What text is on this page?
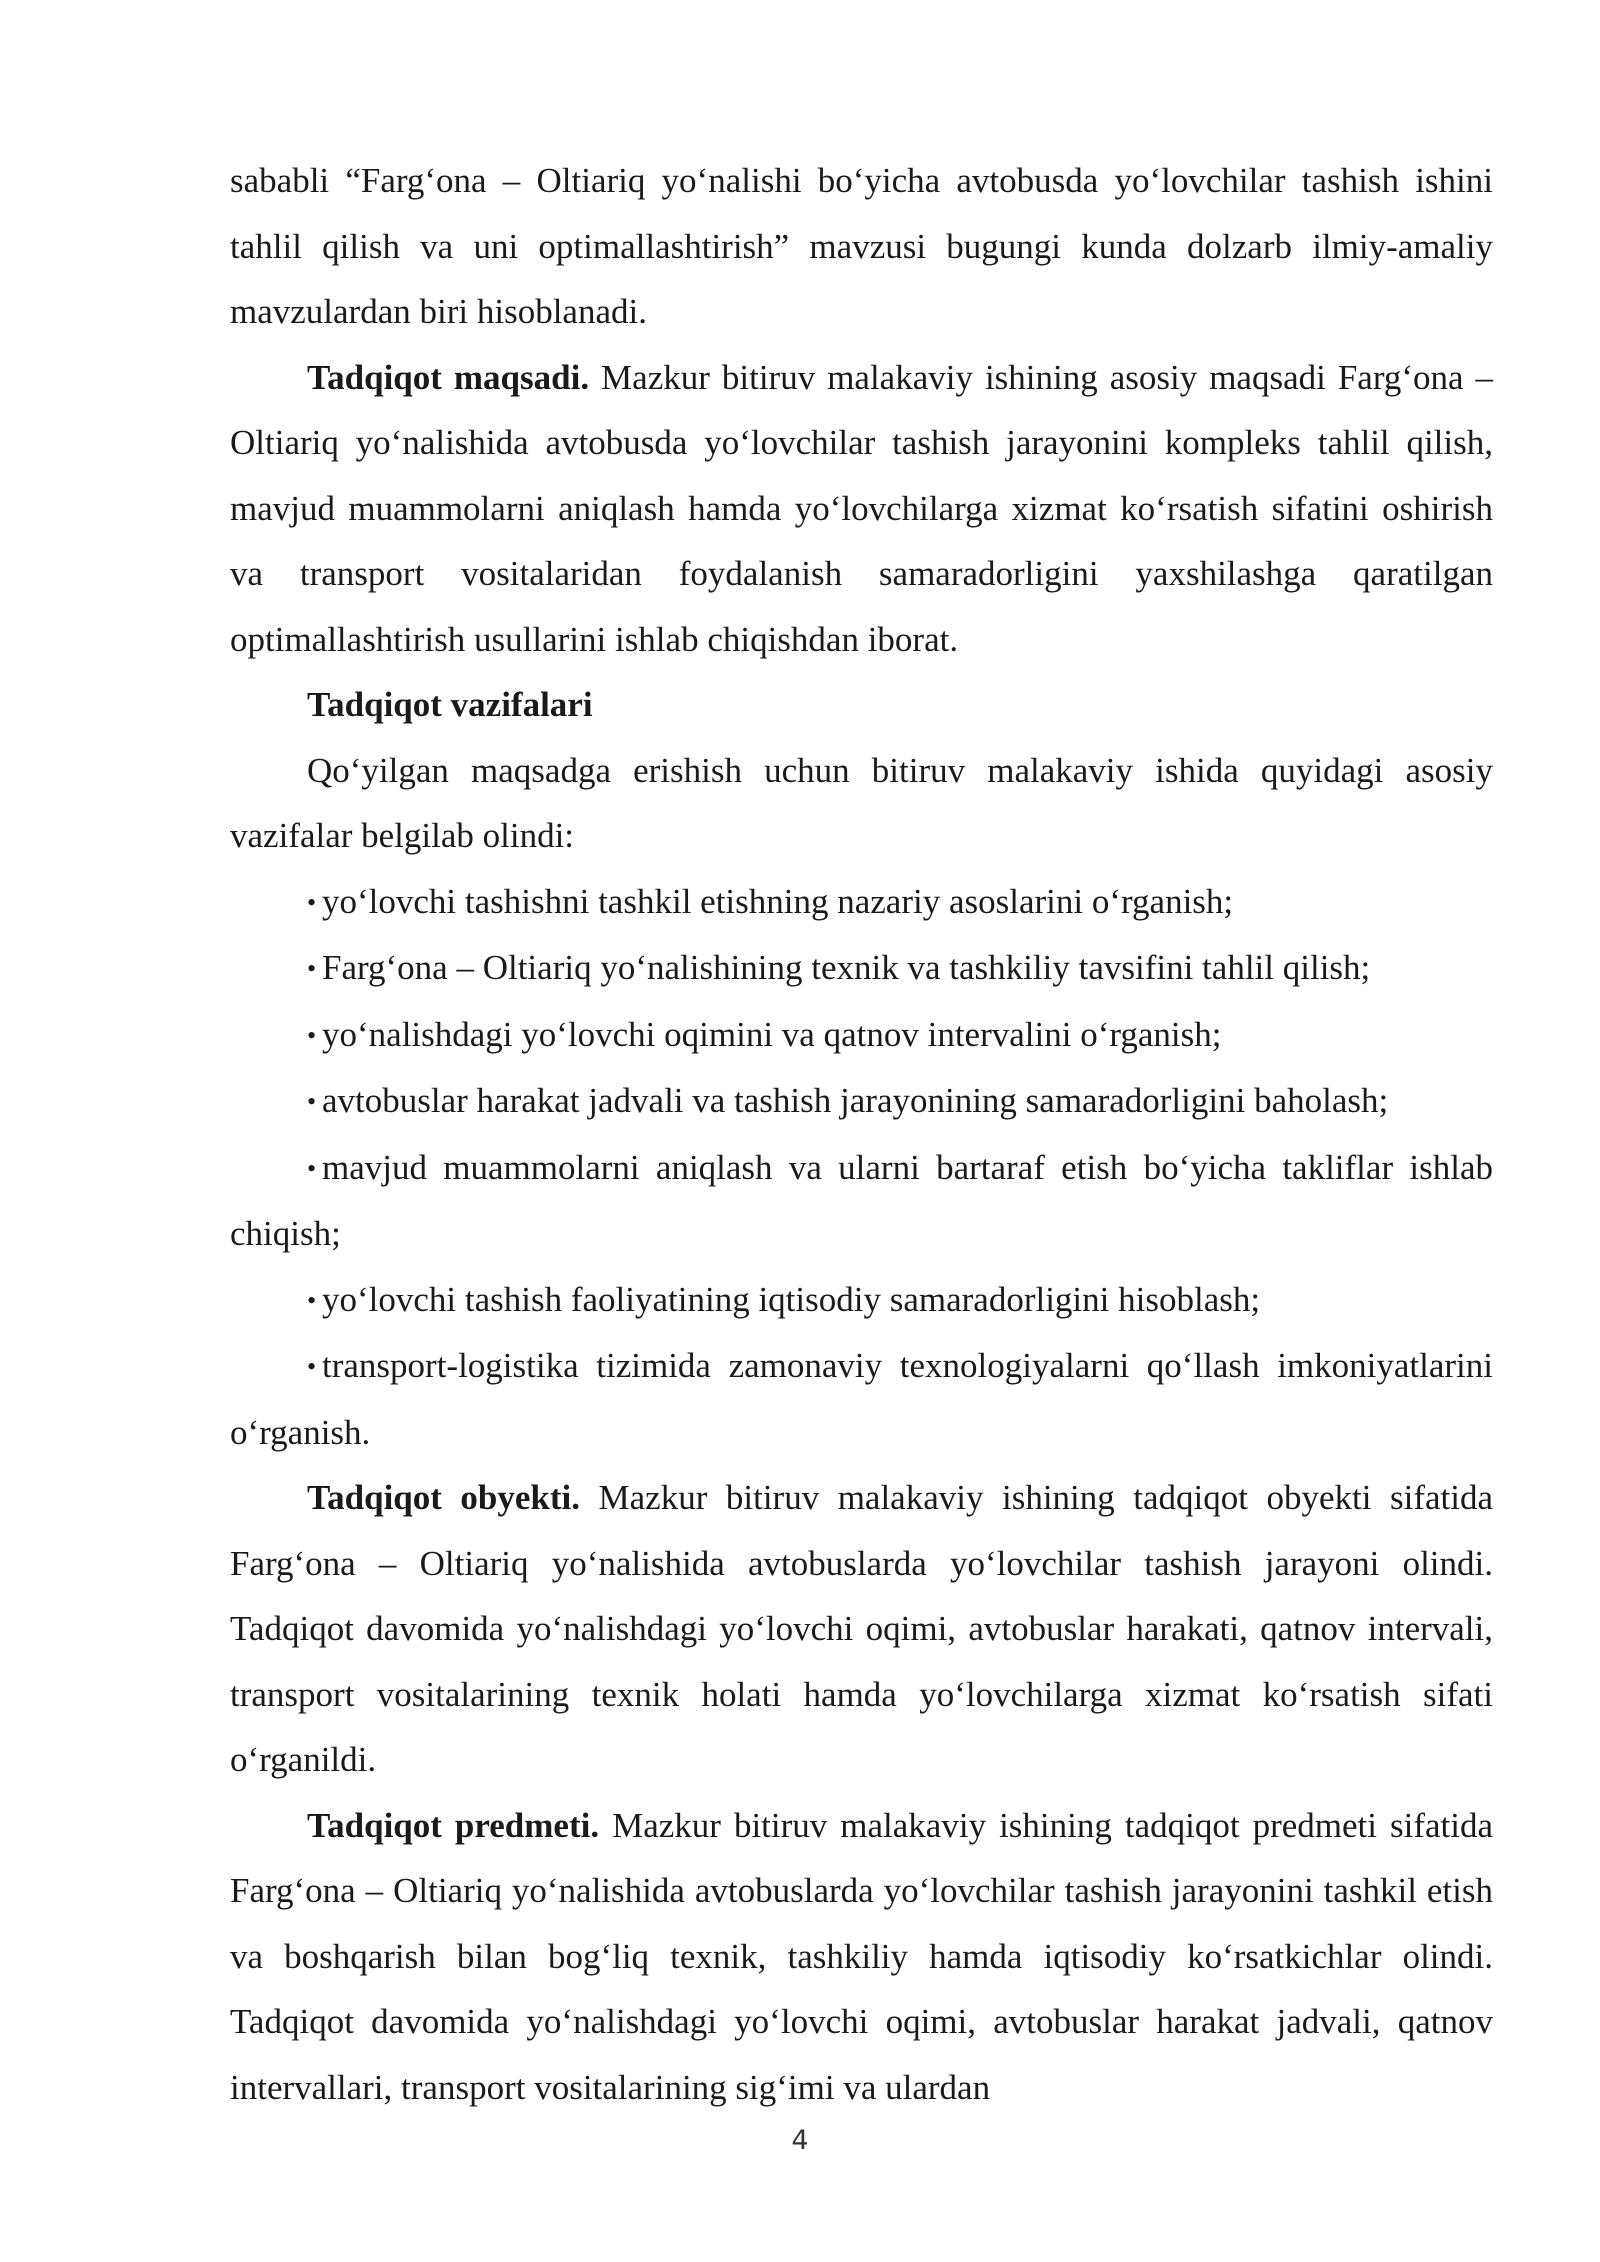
sababli “Farg‘ona – Oltiariq yo‘nalishi bo‘yicha avtobusda yo‘lovchilar tashish ishini tahlil qilish va uni optimallashtirish” mavzusi bugungi kunda dolzarb ilmiy-amaliy mavzulardan biri hisoblanadi.

Tadqiqot maqsadi. Mazkur bitiruv malakaviy ishining asosiy maqsadi Farg‘ona – Oltiariq yo‘nalishida avtobusda yo‘lovchilar tashish jarayonini kompleks tahlil qilish, mavjud muammolarni aniqlash hamda yo‘lovchilarga xizmat ko‘rsatish sifatini oshirish va transport vositalaridan foydalanish samaradorligini yaxshilashga qaratilgan optimallashtirish usullarini ishlab chiqishdan iborat.

Tadqiqot vazifalari

Qo‘yilgan maqsadga erishish uchun bitiruv malakaviy ishida quyidagi asosiy vazifalar belgilab olindi:

• yo‘lovchi tashishni tashkil etishning nazariy asoslarini o‘rganish;

• Farg‘ona – Oltiariq yo‘nalishining texnik va tashkiliy tavsifini tahlil qilish;

• yo‘nalishdagi yo‘lovchi oqimini va qatnov intervalini o‘rganish;

• avtobuslar harakat jadvali va tashish jarayonining samaradorligini baholash;

• mavjud muammolarni aniqlash va ularni bartaraf etish bo‘yicha takliflar ishlab chiqish;

• yo‘lovchi tashish faoliyatining iqtisodiy samaradorligini hisoblash;

• transport-logistika tizimida zamonaviy texnologiyalarni qo‘llash imkoniyatlarini o‘rganish.

Tadqiqot obyekti. Mazkur bitiruv malakaviy ishining tadqiqot obyekti sifatida Farg‘ona – Oltiariq yo‘nalishida avtobuslarda yo‘lovchilar tashish jarayoni olindi. Tadqiqot davomida yo‘nalishdagi yo‘lovchi oqimi, avtobuslar harakati, qatnov intervali, transport vositalarining texnik holati hamda yo‘lovchilarga xizmat ko‘rsatish sifati o‘rganildi.

Tadqiqot predmeti. Mazkur bitiruv malakaviy ishining tadqiqot predmeti sifatida Farg‘ona – Oltiariq yo‘nalishida avtobuslarda yo‘lovchilar tashish jarayonini tashkil etish va boshqarish bilan bog‘liq texnik, tashkiliy hamda iqtisodiy ko‘rsatkichlar olindi. Tadqiqot davomida yo‘nalishdagi yo‘lovchi oqimi, avtobuslar harakat jadvali, qatnov intervallari, transport vositalarining sig‘imi va ulardan

4
